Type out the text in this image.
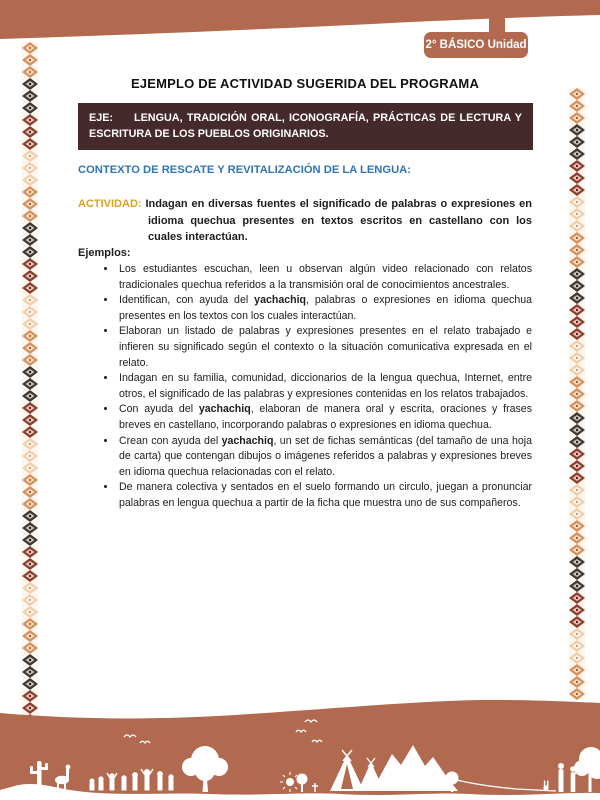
2° BÁSICO Unidad 2
EJEMPLO DE ACTIVIDAD SUGERIDA DEL PROGRAMA
EJE: LENGUA, TRADICIÓN ORAL, ICONOGRAFÍA, PRÁCTICAS DE LECTURA Y ESCRITURA DE LOS PUEBLOS ORIGINARIOS.
CONTEXTO DE RESCATE Y REVITALIZACIÓN DE LA LENGUA:

ACTIVIDAD: Indagan en diversas fuentes el significado de palabras o expresiones en idioma quechua presentes en textos escritos en castellano con los cuales interactúan.

Ejemplos:
• Los estudiantes escuchan, leen u observan algún video relacionado con relatos tradicionales quechua referidos a la transmisión oral de conocimientos ancestrales.
• Identifican, con ayuda del yachachiq, palabras o expresiones en idioma quechua presentes en los textos con los cuales interactúan.
• Elaboran un listado de palabras y expresiones presentes en el relato trabajado e infieren su significado según el contexto o la situación comunicativa expresada en el relato.
• Indagan en su familia, comunidad, diccionarios de la lengua quechua, Internet, entre otros, el significado de las palabras y expresiones contenidas en los relatos trabajados.
• Con ayuda del yachachiq, elaboran de manera oral y escrita, oraciones y frases breves en castellano, incorporando palabras o expresiones en idioma quechua.
• Crean con ayuda del yachachiq, un set de fichas semánticas (del tamaño de una hoja de carta) que contengan dibujos o imágenes referidos a palabras y expresiones breves en idioma quechua relacionadas con el relato.
• De manera colectiva y sentados en el suelo formando un circulo, juegan a pronunciar palabras en lengua quechua a partir de la ficha que muestra uno de sus compañeros.
